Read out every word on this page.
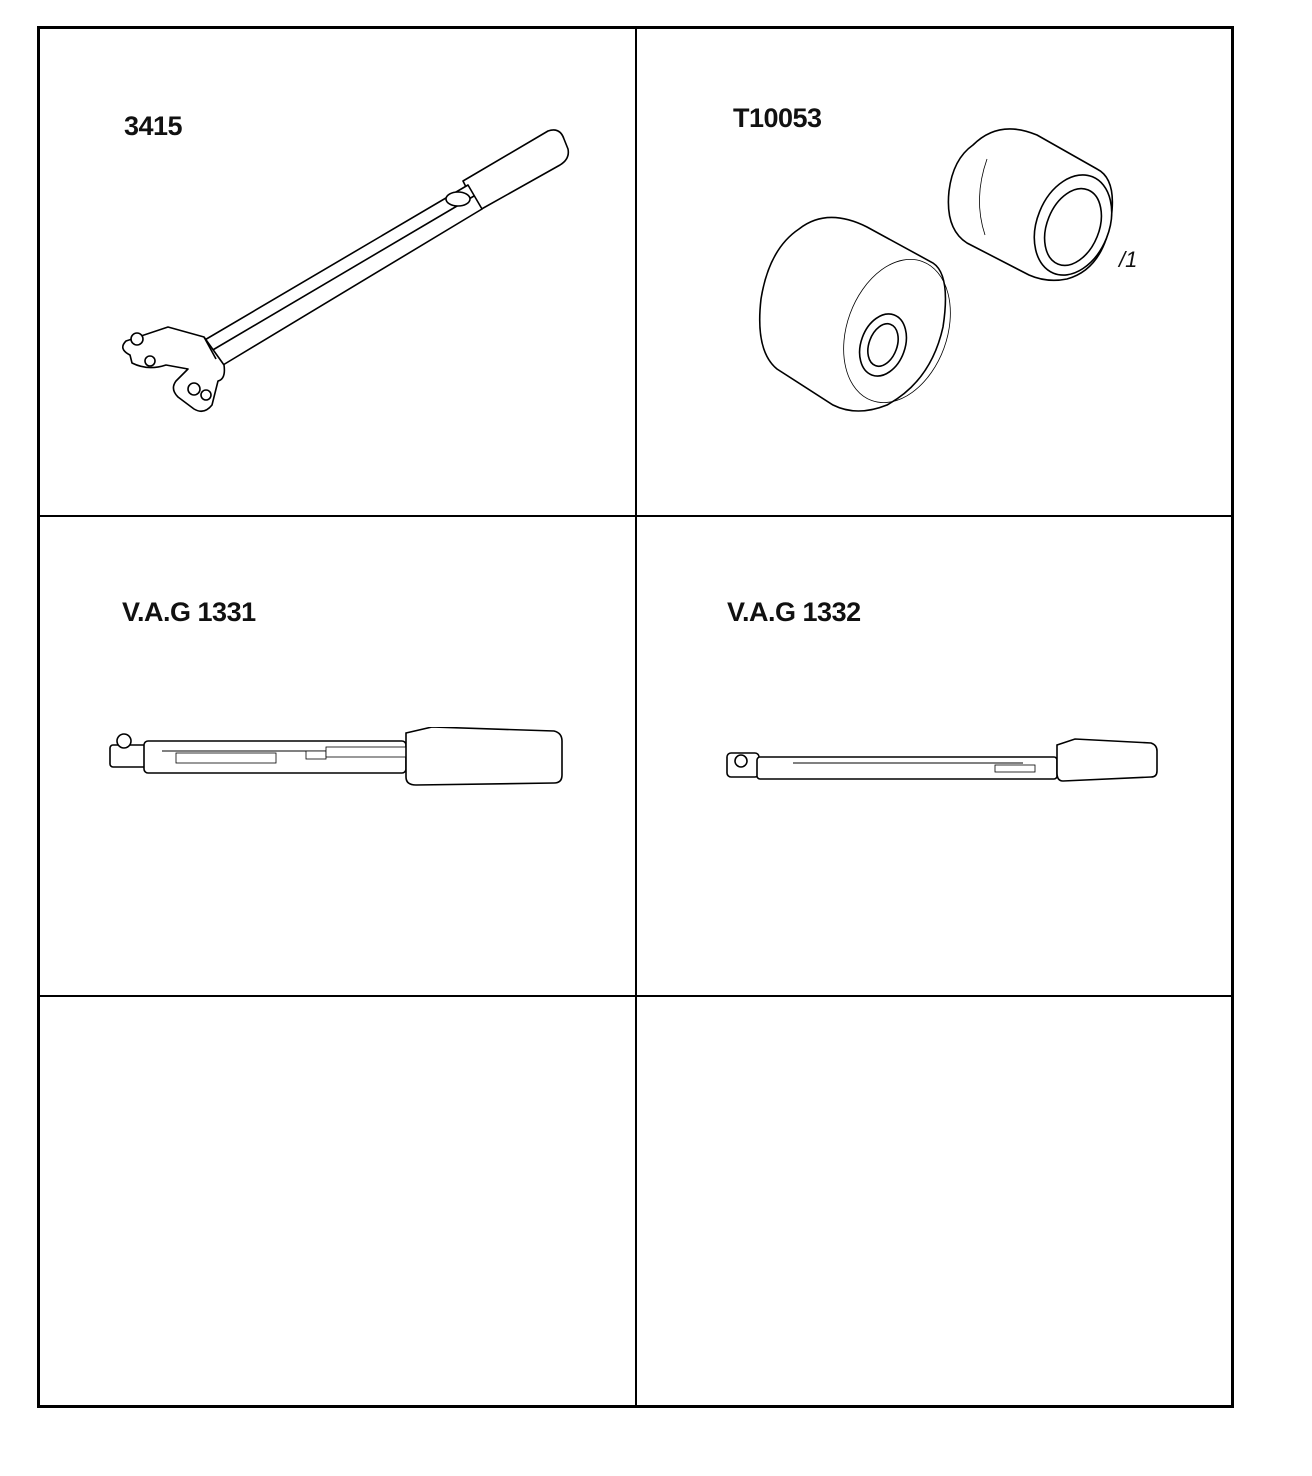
3415	T10053
/1
V.A.G 1331	V.A.G 1332
